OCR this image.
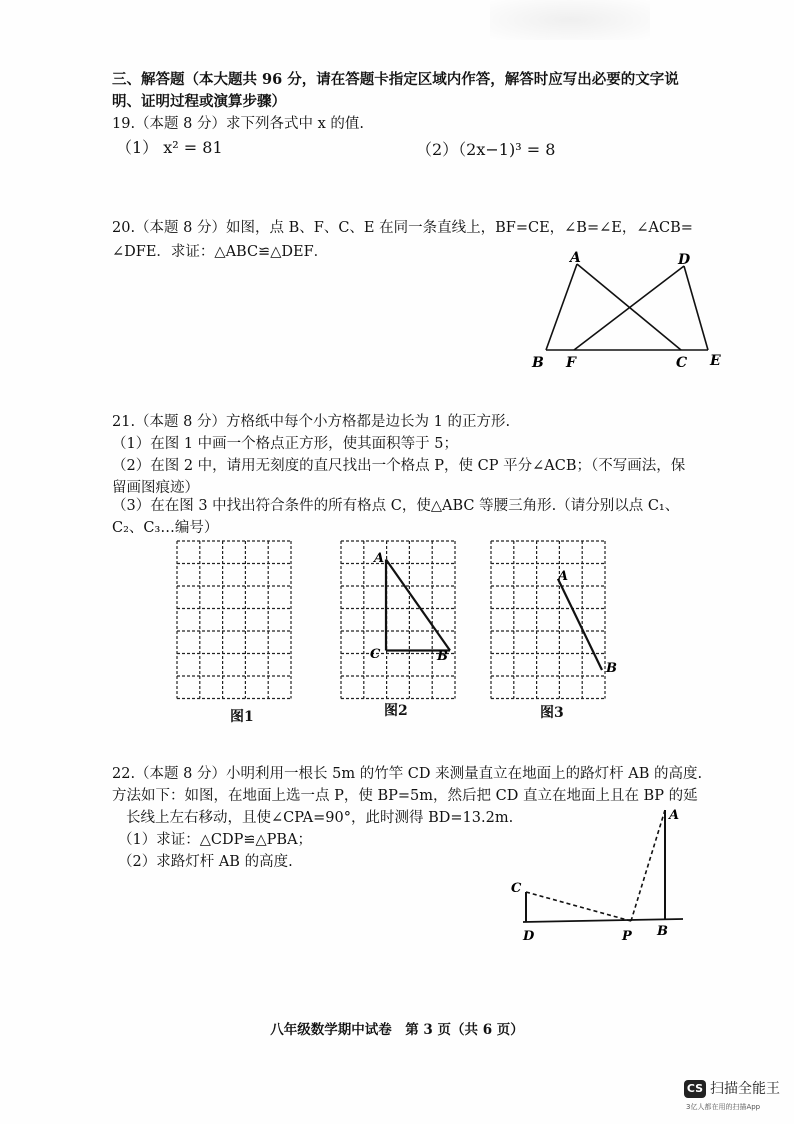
三、解答题（本大题共 96 分，请在答题卡指定区域内作答，解答时应写出必要的文字说
明、证明过程或演算步骤）
19.（本题 8 分）求下列各式中 x 的值.
（1） x² = 81	（2）（2x−1)³ = 8
20.（本题 8 分）如图，点 B、F、C、E 在同一条直线上，BF=CE，∠B=∠E，∠ACB=
∠DFE．求证：△ABC≌△DEF．	A	D
B F	C E
21.（本题 8 分）方格纸中每个小方格都是边长为 1 的正方形.
（1）在图 1 中画一个格点正方形，使其面积等于 5；
（2）在图 2 中，请用无刻度的直尺找出一个格点 P，使 CP 平分∠ACB；（不写画法，保
留画图痕迹）
（3）在在图 3 中找出符合条件的所有格点 C，使△ABC 等腰三角形.（请分别以点 C₁、
C₂、C₃…编号）
图1
A
C	B
图2
A
B
图3
22.（本题 8 分）小明利用一根长 5m 的竹竿 CD 来测量直立在地面上的路灯杆 AB 的高度.
方法如下：如图，在地面上选一点 P，使 BP=5m，然后把 CD 直立在地面上且在 BP 的延
长线上左右移动，且使∠CPA=90°，此时测得 BD=13.2m.
（1）求证：△CDP≌△PBA；
（2）求路灯杆 AB 的高度.
A
C
D	P B
八年级数学期中试卷　第 3 页（共 6 页）
CS 扫描全能王
3亿人都在用的扫描App
